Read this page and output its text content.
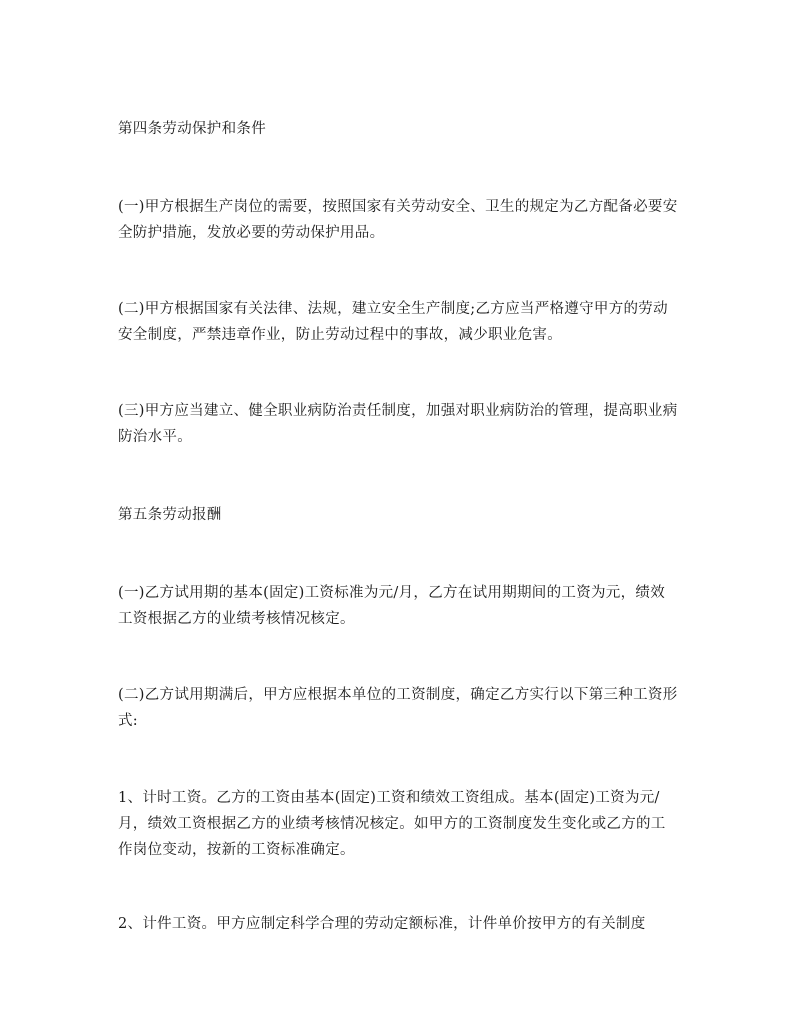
第四条劳动保护和条件

(一)甲方根据生产岗位的需要，按照国家有关劳动安全、卫生的规定为乙方配备必要安全防护措施，发放必要的劳动保护用品。

(二)甲方根据国家有关法律、法规，建立安全生产制度;乙方应当严格遵守甲方的劳动安全制度，严禁违章作业，防止劳动过程中的事故，减少职业危害。

(三)甲方应当建立、健全职业病防治责任制度，加强对职业病防治的管理，提高职业病防治水平。

第五条劳动报酬

(一)乙方试用期的基本(固定)工资标准为元/月，乙方在试用期期间的工资为元，绩效工资根据乙方的业绩考核情况核定。

(二)乙方试用期满后，甲方应根据本单位的工资制度，确定乙方实行以下第三种工资形式:

1、计时工资。乙方的工资由基本(固定)工资和绩效工资组成。基本(固定)工资为元/月，绩效工资根据乙方的业绩考核情况核定。如甲方的工资制度发生变化或乙方的工作岗位变动，按新的工资标准确定。

2、计件工资。甲方应制定科学合理的劳动定额标准，计件单价按甲方的有关制度
